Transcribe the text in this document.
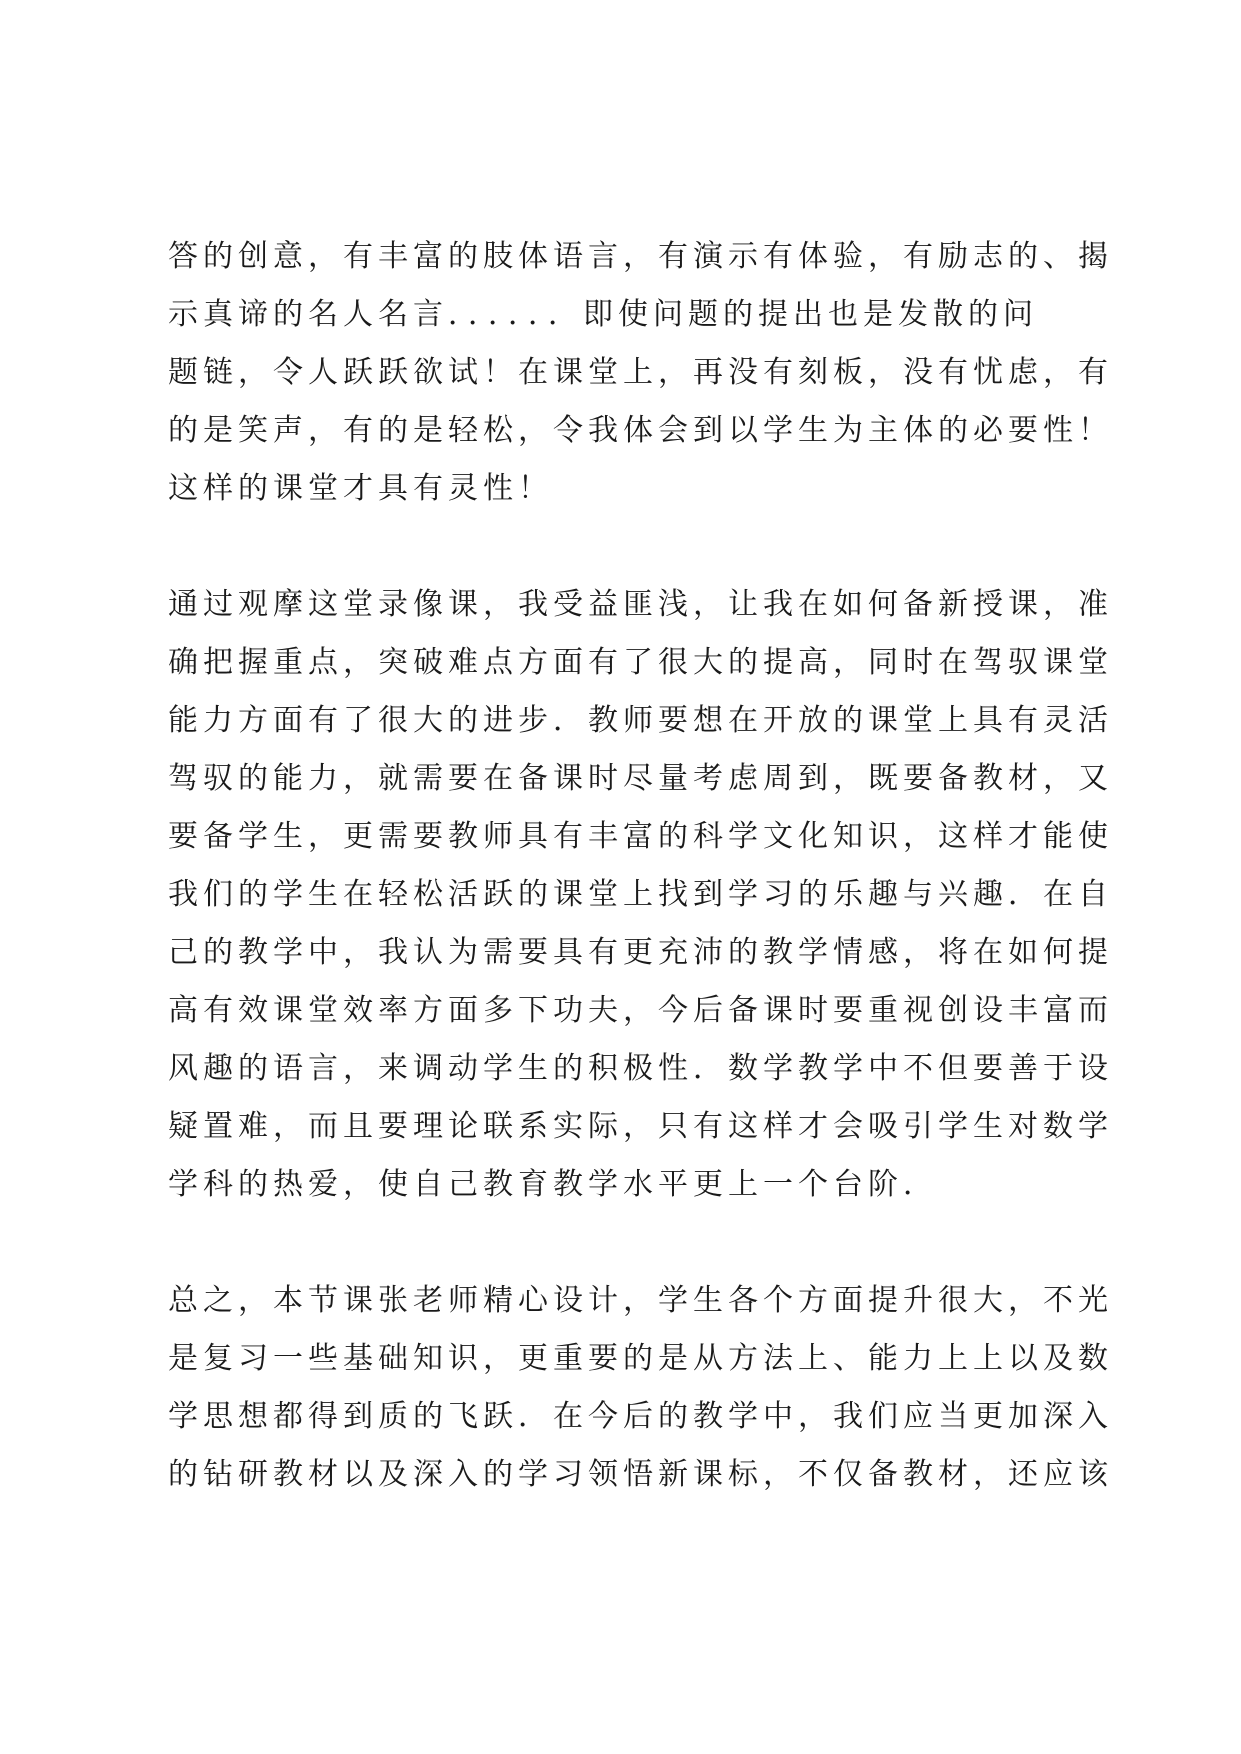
答的创意，有丰富的肢体语言，有演示有体验，有励志的、揭
示真谛的名人名言．．．．．．即使问题的提出也是发散的问
题链，令人跃跃欲试！在课堂上，再没有刻板，没有忧虑，有
的是笑声，有的是轻松，令我体会到以学生为主体的必要性！
这样的课堂才具有灵性！

通过观摩这堂录像课，我受益匪浅，让我在如何备新授课，准
确把握重点，突破难点方面有了很大的提高，同时在驾驭课堂
能力方面有了很大的进步．教师要想在开放的课堂上具有灵活
驾驭的能力，就需要在备课时尽量考虑周到，既要备教材，又
要备学生，更需要教师具有丰富的科学文化知识，这样才能使
我们的学生在轻松活跃的课堂上找到学习的乐趣与兴趣．在自
己的教学中，我认为需要具有更充沛的教学情感，将在如何提
高有效课堂效率方面多下功夫，今后备课时要重视创设丰富而
风趣的语言，来调动学生的积极性．数学教学中不但要善于设
疑置难，而且要理论联系实际，只有这样才会吸引学生对数学
学科的热爱，使自己教育教学水平更上一个台阶．

总之，本节课张老师精心设计，学生各个方面提升很大，不光
是复习一些基础知识，更重要的是从方法上、能力上上以及数
学思想都得到质的飞跃．在今后的教学中，我们应当更加深入
的钻研教材以及深入的学习领悟新课标，不仅备教材，还应该
